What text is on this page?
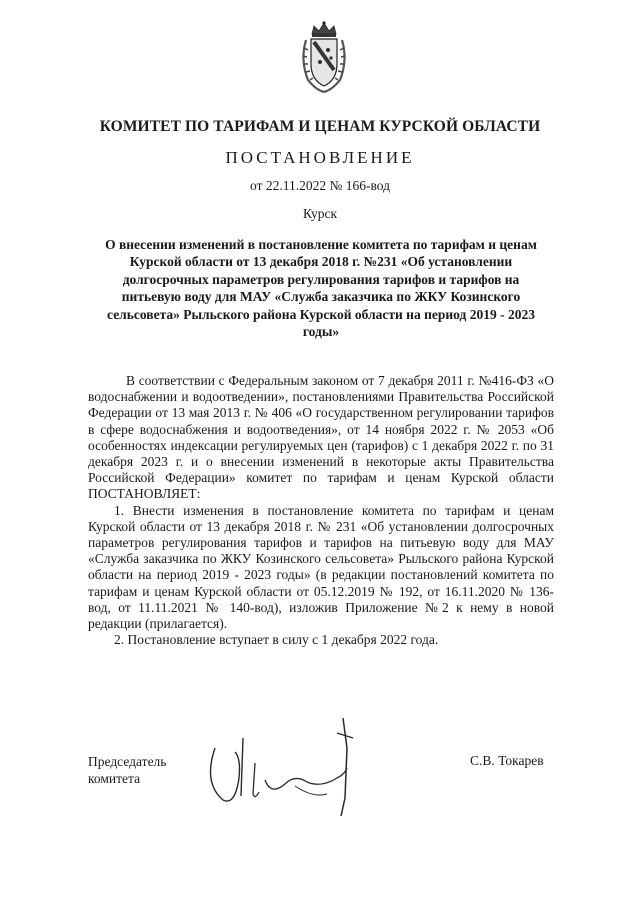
КОМИТЕТ ПО ТАРИФАМ И ЦЕНАМ КУРСКОЙ ОБЛАСТИ
ПОСТАНОВЛЕНИЕ
от 22.11.2022 № 166-вод
Курск
О внесении изменений в постановление комитета по тарифам и ценам Курской области от 13 декабря 2018 г. №231 «Об установлении долгосрочных параметров регулирования тарифов и тарифов на питьевую воду для МАУ «Служба заказчика по ЖКУ Козинского сельсовета» Рыльского района Курской области на период 2019 - 2023 годы»

В соответствии с Федеральным законом от 7 декабря 2011 г. №416-ФЗ «О водоснабжении и водоотведении», постановлениями Правительства Российской Федерации от 13 мая 2013 г. № 406 «О государственном регулировании тарифов в сфере водоснабжения и водоотведения», от 14 ноября 2022 г. № 2053 «Об особенностях индексации регулируемых цен (тарифов) с 1 декабря 2022 г. по 31 декабря 2023 г. и о внесении изменений в некоторые акты Правительства Российской Федерации» комитет по тарифам и ценам Курской области ПОСТАНОВЛЯЕТ:

1. Внести изменения в постановление комитета по тарифам и ценам Курской области от 13 декабря 2018 г. № 231 «Об установлении долгосрочных параметров регулирования тарифов и тарифов на питьевую воду для МАУ «Служба заказчика по ЖКУ Козинского сельсовета» Рыльского района Курской области на период 2019 - 2023 годы» (в редакции постановлений комитета по тарифам и ценам Курской области от 05.12.2019 № 192, от 16.11.2020 № 136-вод, от 11.11.2021 № 140-вод), изложив Приложение №2 к нему в новой редакции (прилагается).

2. Постановление вступает в силу с 1 декабря 2022 года.

Председатель
комитета
С.В. Токарев
